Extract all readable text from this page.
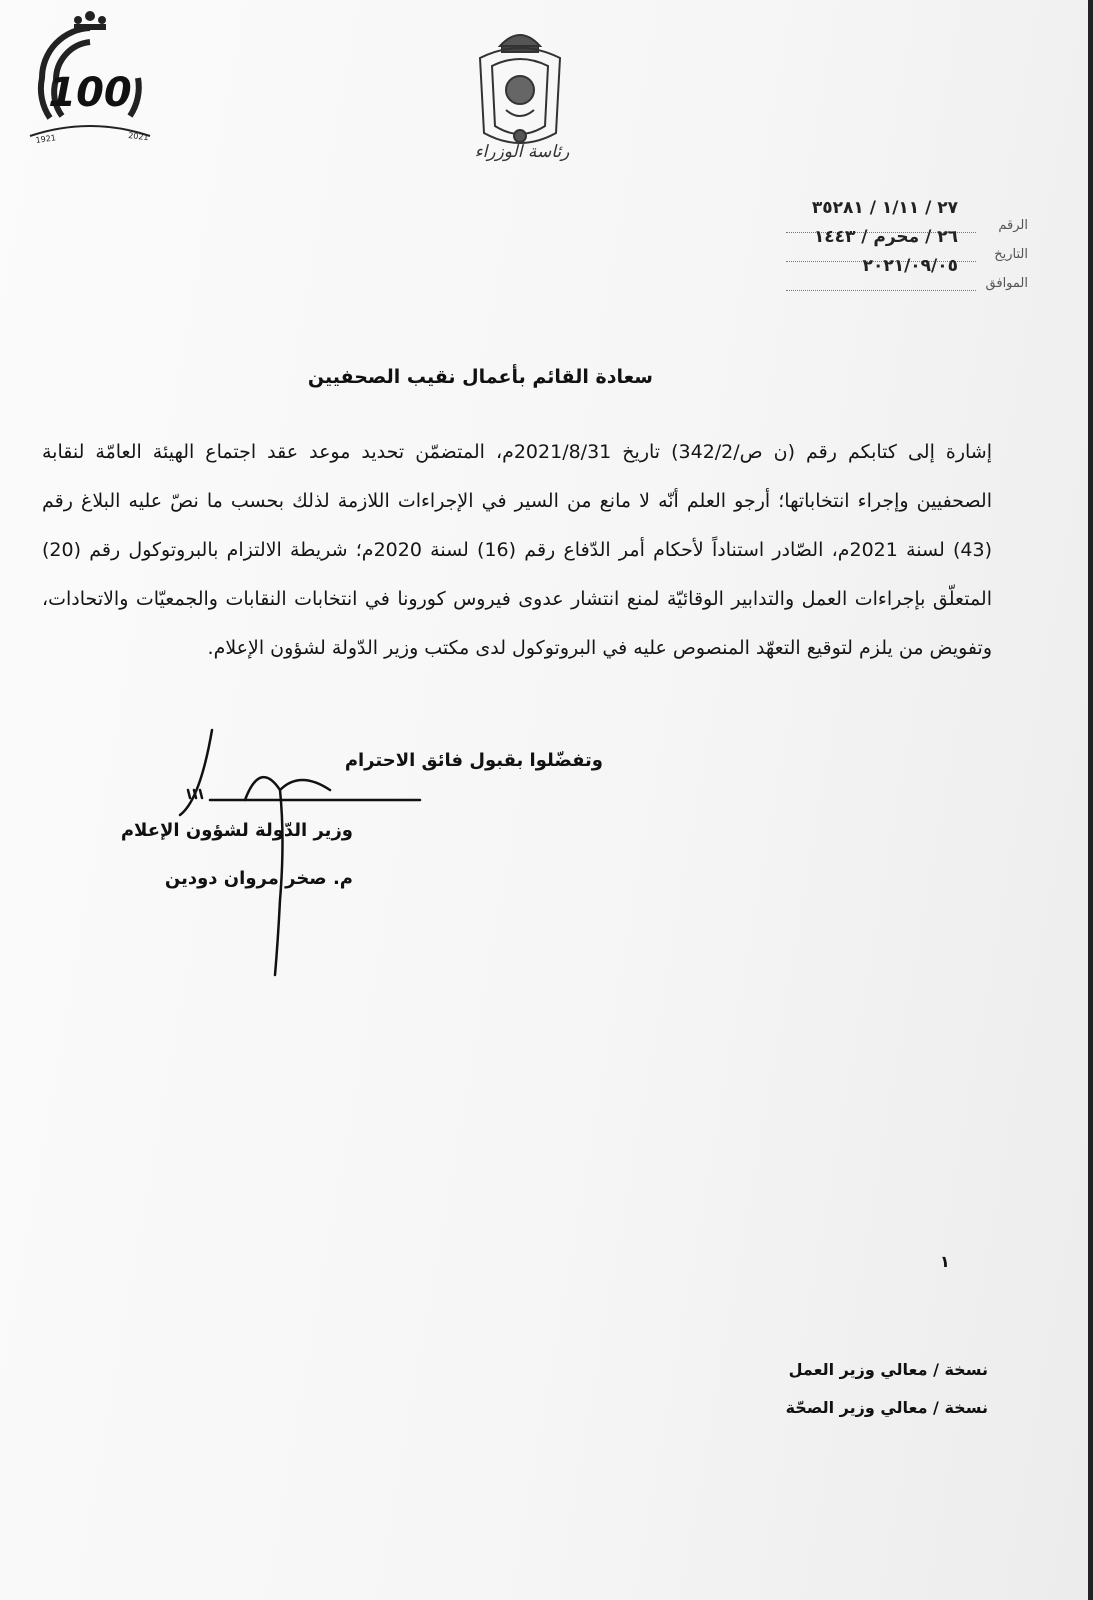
100
1921	2021
رئاسة الوزراء
٢٧ / ١/١١ / ٣٥٢٨١
الرقم
٢٦ / محرم / ١٤٤٣
التاريخ
٢٠٢١/٠٩/٠٥
الموافق
سعادة القائم بأعمال نقيب الصحفيين
إشارة إلى كتابكم رقم (ن ص/342/2) تاريخ 2021/8/31م، المتضمّن تحديد موعد عقد اجتماع الهيئة العامّة لنقابة الصحفيين وإجراء انتخاباتها؛ أرجو العلم أنّه لا مانع من السير في الإجراءات اللازمة لذلك بحسب ما نصّ عليه البلاغ رقم (43) لسنة 2021م، الصّادر استناداً لأحكام أمر الدّفاع رقم (16) لسنة 2020م؛ شريطة الالتزام بالبروتوكول رقم (20) المتعلّق بإجراءات العمل والتدابير الوقائيّة لمنع انتشار عدوى فيروس كورونا في انتخابات النقابات والجمعيّات والاتحادات، وتفويض من يلزم لتوقيع التعهّد المنصوص عليه في البروتوكول لدى مكتب وزير الدّولة لشؤون الإعلام.
وتفضّلوا بقبول فائق الاحترام
وزير الدّولة لشؤون الإعلام
م. صخر مروان دودين
١
نسخة / معالي وزير العمل
نسخة / معالي وزير الصحّة
